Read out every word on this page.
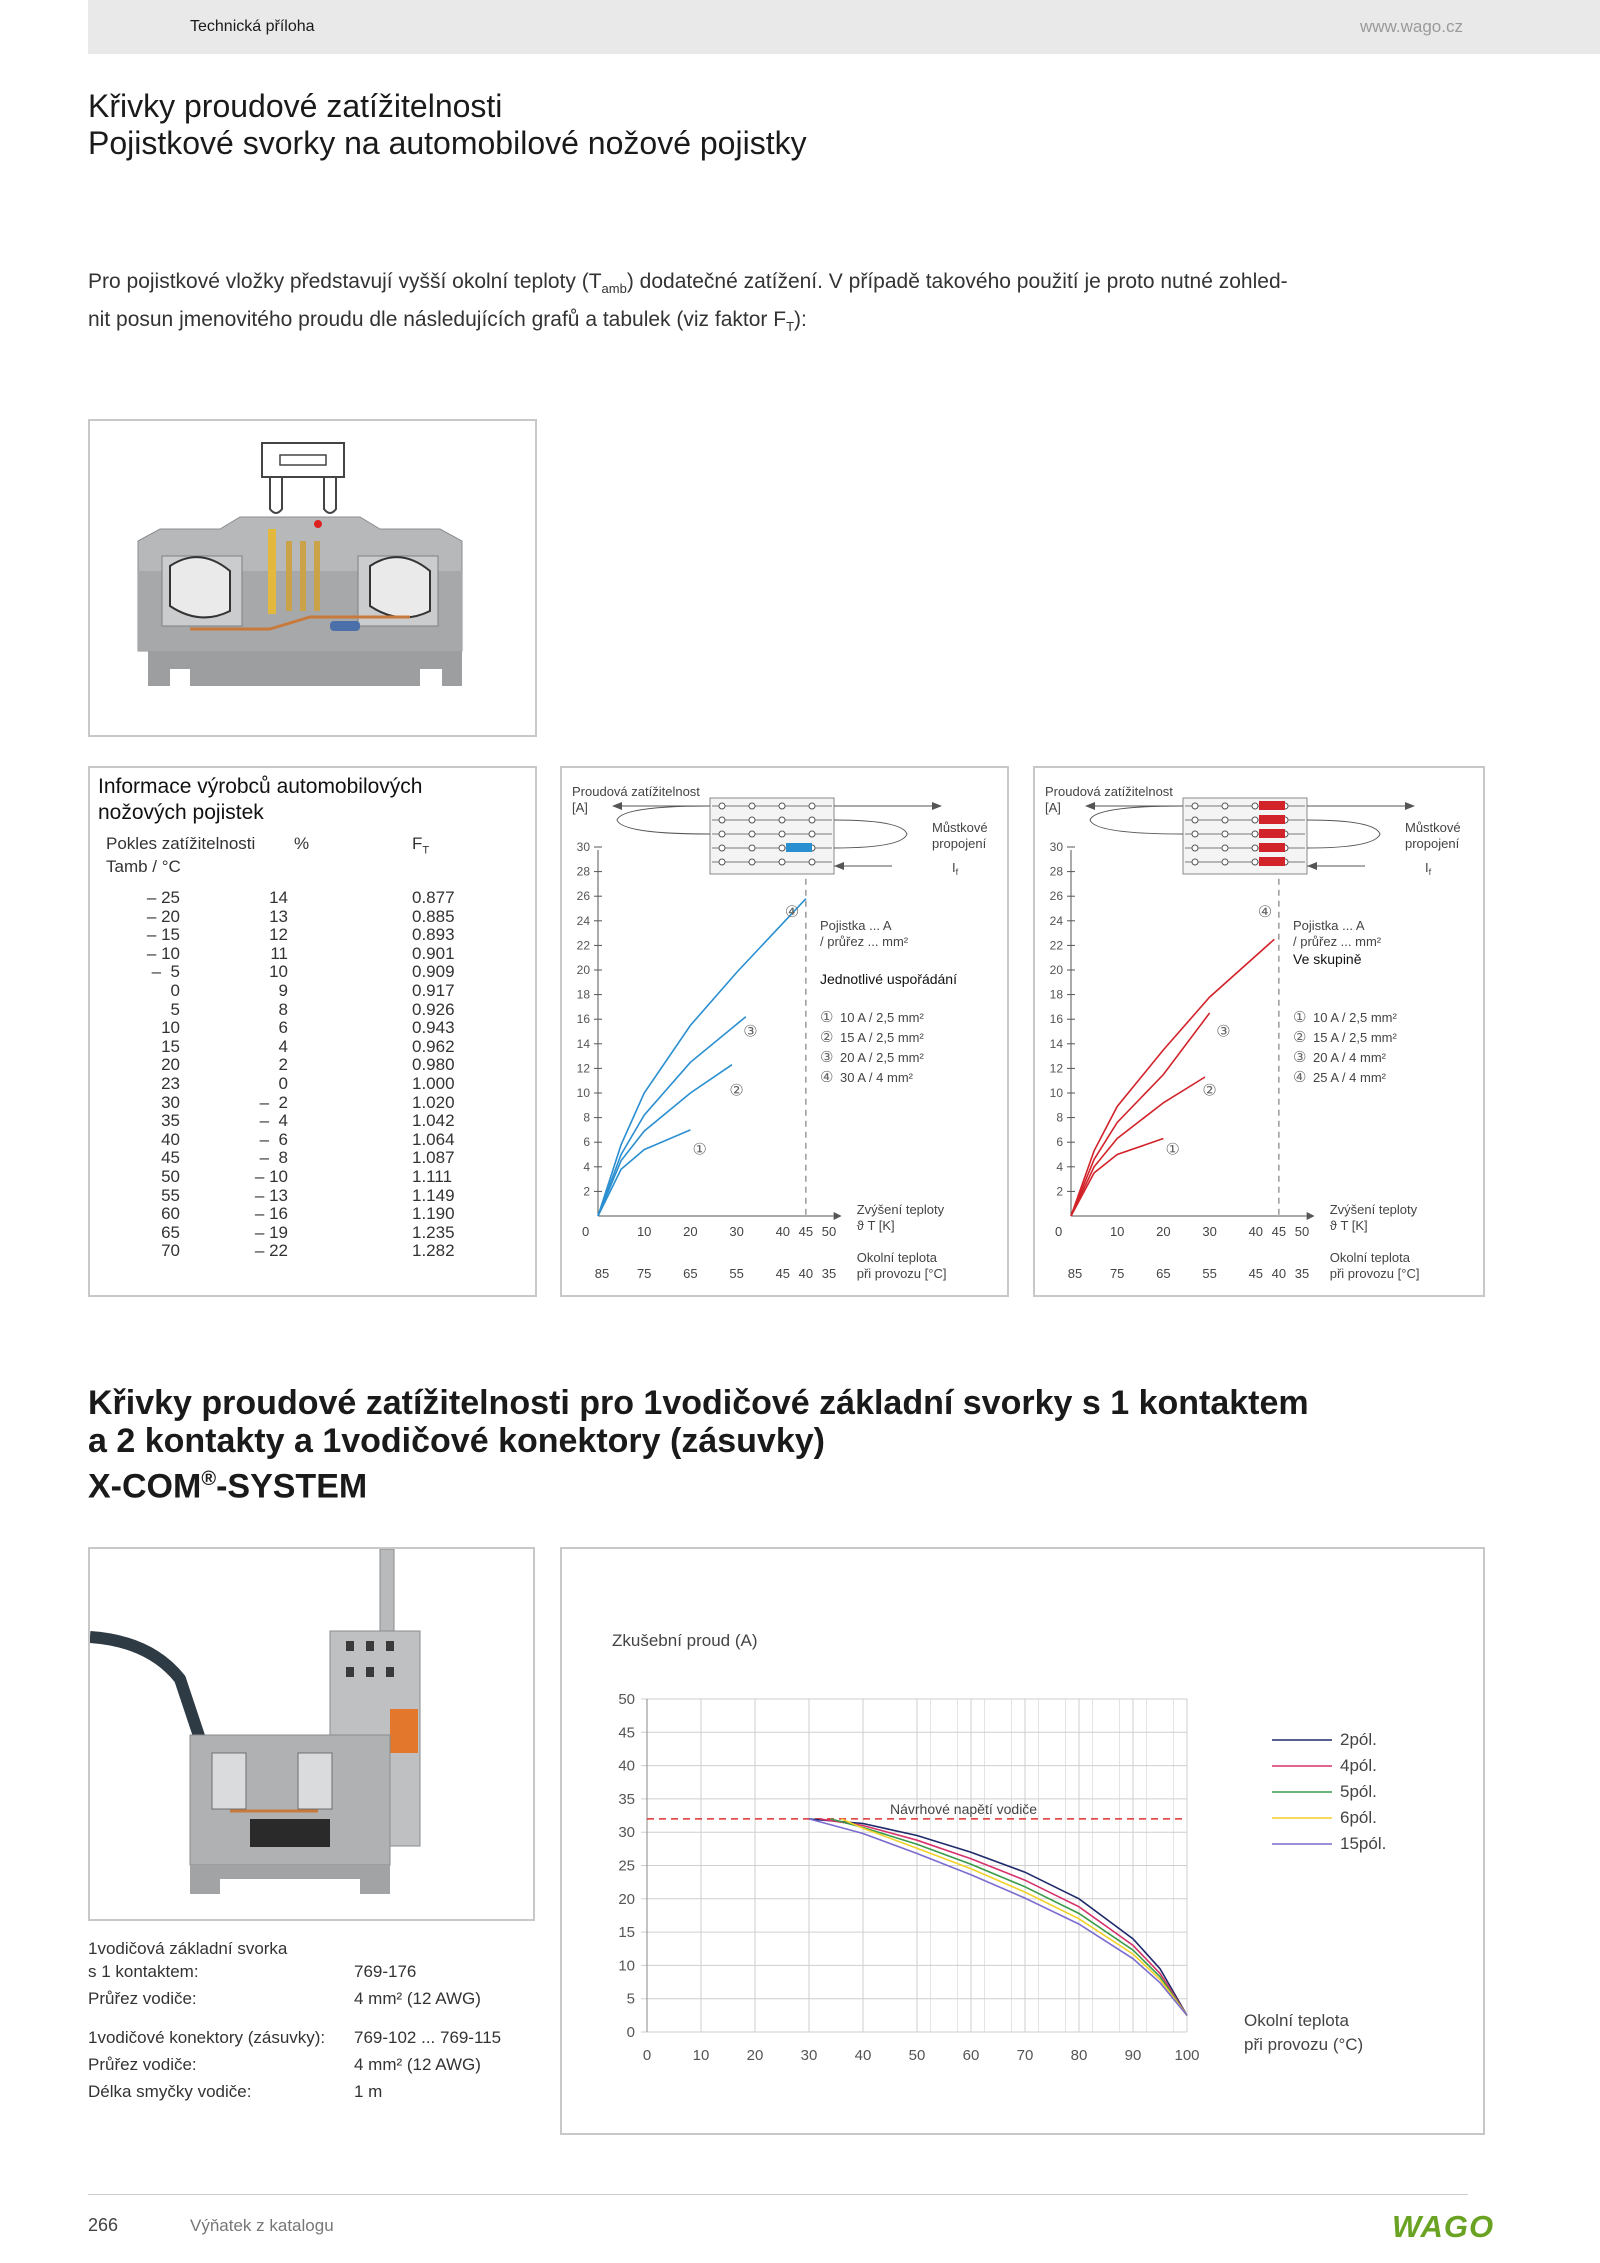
Technická příloha	www.wago.cz
Křivky proudové zatížitelnosti
Pojistkové svorky na automobilové nožové pojistky
Pro pojistkové vložky představují vyšší okolní teploty $(T_{amb})$ dodatečné zatížení. V případě takového použití je proto nutné zohled-
nit posun jmenovitého proudu dle následujících grafů a tabulek (viz faktor $F_T$):
Informace výrobců automobilových
nožových pojistek
Pokles zatížitelnosti
Tamb / °C
%	$F_T$
– 25	14	0.877
– 20	13	0.885
– 15	12	0.893
– 10	11	0.901
–  5	10	0.909
0	9	0.917
5	8	0.926
10	6	0.943
15	4	0.962
20	2	0.980
23	0	1.000
30	–  2	1.020
35	–  4	1.042
40	–  6	1.064
45	–  8	1.087
50	– 10	1.111
55	– 13	1.149
60	– 16	1.190
65	– 19	1.235
70	– 22	1.282
Proudová zatížitelnost
[A]
2
4
6
8
10
12
14
16
18
20
22
24
26
28
30
0	10 20 30 40 45 50
85 75 65 55 45 40 35
Zvýšení teploty
ϑ T [K]
Okolní teplota
při provozu [°C]
Můstkové
propojení
$I_f$
①
②
③
④
Pojistka ... A
/ průřez ... mm²
Jednotlivé uspořádání
① 10 A / 2,5 mm²
② 15 A / 2,5 mm²
③ 20 A / 2,5 mm²
④ 30 A / 4 mm²
Proudová zatížitelnost
[A]
2
4
6
8
10
12
14
16
18
20
22
24
26
28
30
0	10 20 30 40 45 50
85 75 65 55 45 40 35
Zvýšení teploty
ϑ T [K]
Okolní teplota
při provozu [°C]
Můstkové
propojení
$I_f$
①
②
③
④
Pojistka ... A
/ průřez ... mm²
Ve skupině
① 10 A / 2,5 mm²
② 15 A / 2,5 mm²
③ 20 A / 4 mm²
④ 25 A / 4 mm²
Křivky proudové zatížitelnosti pro 1vodičové základní svorky s 1 kontaktem
a 2 kontakty a 1vodičové konektory (zásuvky)
X-COM®-SYSTEM
1vodičová základní svorka
s 1 kontaktem:	769-176
Průřez vodiče:	4 mm² (12 AWG)
1vodičové konektory (zásuvky): 769-102 ... 769-115
Průřez vodiče:	4 mm² (12 AWG)
Délka smyčky vodiče:	1 m
Zkušební proud (A)
0	10 20 30 40 50 60 70 80 90 100
0
5
10
15
20
25
30
35
40
45
50
Návrhové napětí vodiče
2pól.
4pól.
5pól.
6pól.
15pól.
Okolní teplota
při provozu (°C)
266	Výňatek z katalogu	WAGO
